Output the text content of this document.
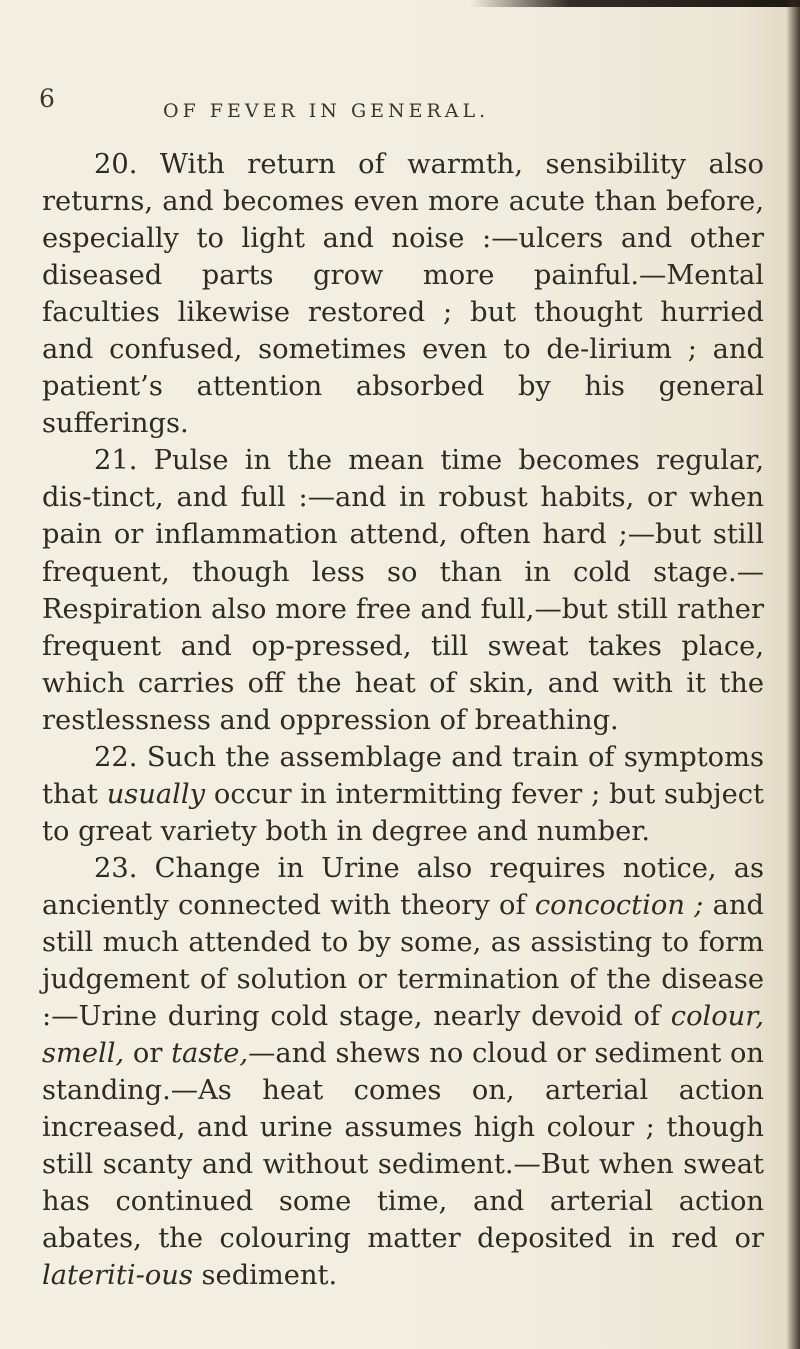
6	OF FEVER IN GENERAL.

20. With return of warmth, sensibility also returns, and becomes even more acute than before, especially to light and noise :—ulcers and other diseased parts grow more painful.—Mental faculties likewise restored ; but thought hurried and confused, sometimes even to de-lirium ; and patient’s attention absorbed by his general sufferings.

21. Pulse in the mean time becomes regular, dis-tinct, and full :—and in robust habits, or when pain or inflammation attend, often hard ;—but still frequent, though less so than in cold stage.—Respiration also more free and full,—but still rather frequent and op-pressed, till sweat takes place, which carries off the heat of skin, and with it the restlessness and oppression of breathing.

22. Such the assemblage and train of symptoms that usually occur in intermitting fever ; but subject to great variety both in degree and number.

23. Change in Urine also requires notice, as anciently connected with theory of concoction ; and still much attended to by some, as assisting to form judgement of solution or termination of the disease :—Urine during cold stage, nearly devoid of colour, smell, or taste,—and shews no cloud or sediment on standing.—As heat comes on, arterial action increased, and urine assumes high colour ; though still scanty and without sediment.—But when sweat has continued some time, and arterial action abates, the colouring matter deposited in red or lateriti-ous sediment.
